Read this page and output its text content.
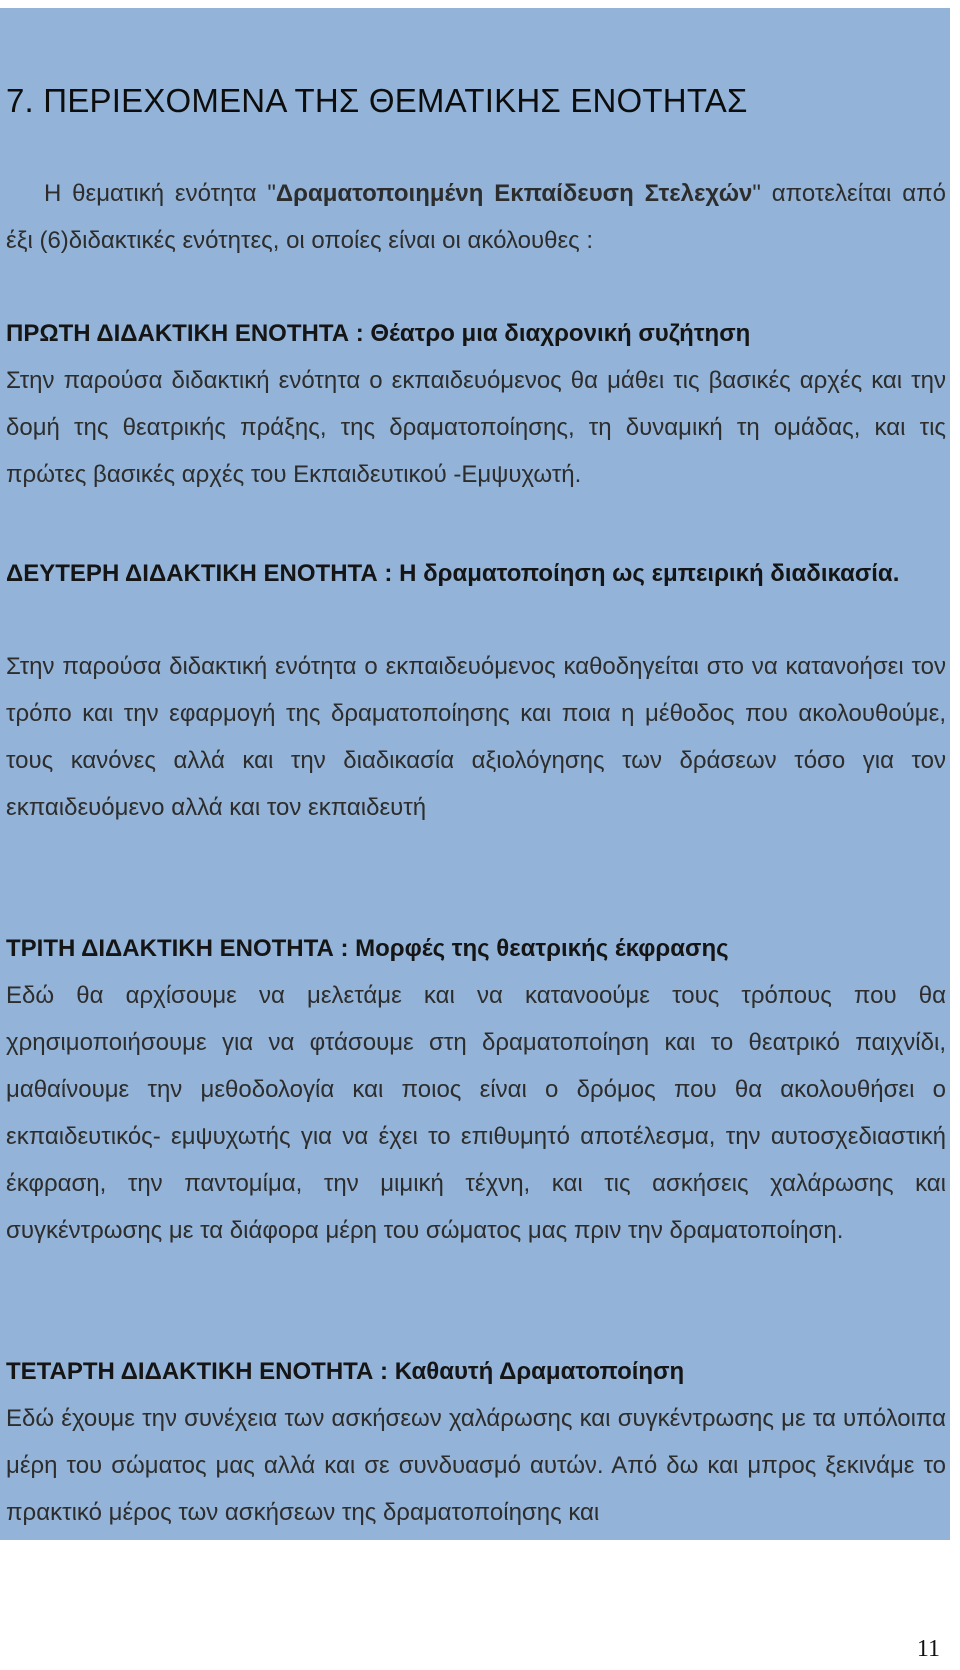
7. ΠΕΡΙΕΧΟΜΕΝΑ ΤΗΣ ΘΕΜΑΤΙΚΗΣ ΕΝΟΤΗΤΑΣ

Η θεματική ενότητα "Δραματοποιημένη Εκπαίδευση Στελεχών" αποτελείται από έξι (6)διδακτικές ενότητες, οι οποίες είναι οι ακόλουθες :

ΠΡΩΤΗ ΔΙΔΑΚΤΙΚΗ ΕΝΟΤΗΤΑ : Θέατρο μια διαχρονική συζήτηση

Στην παρούσα διδακτική ενότητα ο εκπαιδευόμενος θα μάθει τις βασικές αρχές και την δομή της θεατρικής πράξης, της δραματοποίησης, τη δυναμική τη ομάδας, και τις πρώτες βασικές αρχές του Εκπαιδευτικού -Εμψυχωτή.

ΔΕΥΤΕΡΗ ΔΙΔΑΚΤΙΚΗ ΕΝΟΤΗΤΑ : Η δραματοποίηση ως εμπειρική διαδικασία.

Στην παρούσα διδακτική ενότητα ο εκπαιδευόμενος καθοδηγείται στο να κατανοήσει τον τρόπο και την εφαρμογή της δραματοποίησης και ποια η μέθοδος που ακολουθούμε, τους κανόνες αλλά και την διαδικασία αξιολόγησης των δράσεων τόσο για τον εκπαιδευόμενο αλλά και τον εκπαιδευτή

ΤΡΙΤΗ ΔΙΔΑΚΤΙΚΗ ΕΝΟΤΗΤΑ : Μορφές της θεατρικής έκφρασης

Εδώ θα αρχίσουμε να μελετάμε και να κατανοούμε τους τρόπους που θα χρησιμοποιήσουμε για να φτάσουμε στη δραματοποίηση και το θεατρικό παιχνίδι, μαθαίνουμε την μεθοδολογία και ποιος είναι ο δρόμος που θα ακολουθήσει ο εκπαιδευτικός- εμψυχωτής για να έχει το επιθυμητό αποτέλεσμα, την αυτοσχεδιαστική έκφραση, την παντομίμα, την μιμική τέχνη, και τις ασκήσεις χαλάρωσης και συγκέντρωσης με τα διάφορα μέρη του σώματος μας πριν την δραματοποίηση.

ΤΕΤΑΡΤΗ ΔΙΔΑΚΤΙΚΗ ΕΝΟΤΗΤΑ : Καθαυτή Δραματοποίηση

Εδώ έχουμε την συνέχεια των ασκήσεων χαλάρωσης και συγκέντρωσης με τα υπόλοιπα μέρη του σώματος μας αλλά και σε συνδυασμό αυτών. Από δω και μπρος ξεκινάμε το πρακτικό μέρος των ασκήσεων της δραματοποίησης και

11
